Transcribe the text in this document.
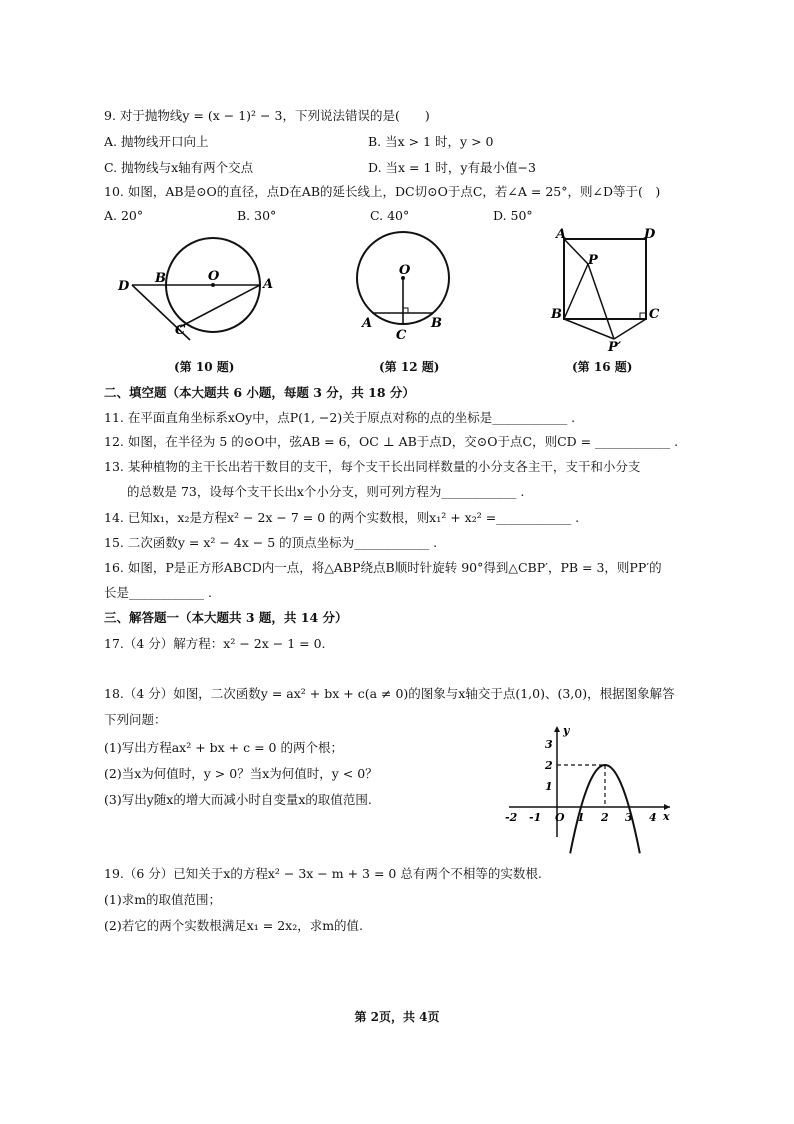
9. 对于抛物线y = (x − 1)² − 3，下列说法错误的是(　　)
A. 抛物线开口向上	B. 当x > 1 时，y > 0
C. 抛物线与x轴有两个交点	D. 当x = 1 时，y有最小值−3
10. 如图，AB是⊙O的直径，点D在AB的延长线上，DC切⊙O于点C，若∠A = 25°，则∠D等于(　)
A. 20°	B. 30°	C. 40°	D. 50°
D
B	O
A
C
(第 10 题)
O
A	B
C
(第 12 题)
A	D
P
B	C
P′
(第 16 题)
二、填空题（本大题共 6 小题，每题 3 分，共 18 分）
11. 在平面直角坐标系xOy中，点P(1, −2)关于原点对称的点的坐标是____________ .
12. 如图，在半径为 5 的⊙O中，弦AB = 6，OC ⊥ AB于点D，交⊙O于点C，则CD = ____________ .
13. 某种植物的主干长出若干数目的支干，每个支干长出同样数量的小分支各主干，支干和小分支
的总数是 73，设每个支干长出x个小分支，则可列方程为____________ .
14. 已知x₁，x₂是方程x² − 2x − 7 = 0 的两个实数根，则x₁² + x₂² =____________ .
15. 二次函数y = x² − 4x − 5 的顶点坐标为____________ .
16. 如图，P是正方形ABCD内一点，将△ABP绕点B顺时针旋转 90°得到△CBP′，PB = 3，则PP′的
长是____________ .
三、解答题一（本大题共 3 题，共 14 分）
17.（4 分）解方程：x² − 2x − 1 = 0.
18.（4 分）如图，二次函数y = ax² + bx + c(a ≠ 0)的图象与x轴交于点(1,0)、(3,0)，根据图象解答
下列问题：
(1)写出方程ax² + bx + c = 0 的两个根；
(2)当x为何值时，y > 0？当x为何值时，y < 0？
(3)写出y随x的增大而减小时自变量x的取值范围.
-2 -1 O 1 2 3 4
3
2
1
x
y
19.（6 分）已知关于x的方程x² − 3x − m + 3 = 0 总有两个不相等的实数根.
(1)求m的取值范围；
(2)若它的两个实数根满足x₁ = 2x₂，求m的值.
第 2页，共 4页
